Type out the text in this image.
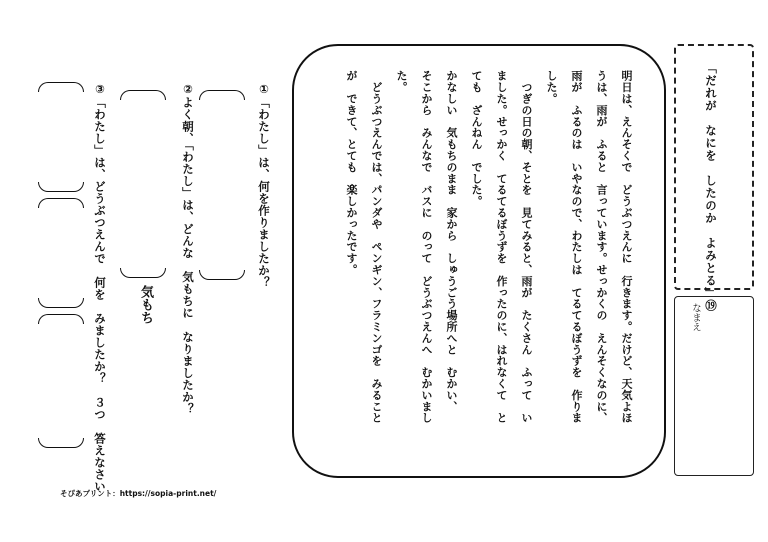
「だれが　なにを　したのか　よみとる」⑲
なまえ
明日は、えんそくで　どうぶつえんに　行きます。だけど、天気よほ
うは、雨が　ふると　言っています。せっかくの　えんそくなのに、
雨が　ふるのは　いやなので、わたしは　てるてるぼうずを　作りま
した。
　つぎの日の朝、そとを　見てみると、雨が　たくさん　ふって　い
ました。せっかく　てるてるぼうずを　作ったのに、はれなくて　と
ても　ざんねん　でした。
かなしい　気もちのまま　家から　しゅうごう場所へと　むかい、
そこから　みんなで　バスに　のって　どうぶつえんへ　むかいまし
た。
　どうぶつえんでは、パンダや　ペンギン、フラミンゴを　みること
が　できて、とても　楽しかったです。
①「わたし」は、何を作りましたか？
②よく朝、「わたし」は、どんな　気もちに　なりましたか？
気もち
③「わたし」は、どうぶつえんで　何を　みましたか？　３つ　答えなさい
そぴあプリント：https://sopia-print.net/
